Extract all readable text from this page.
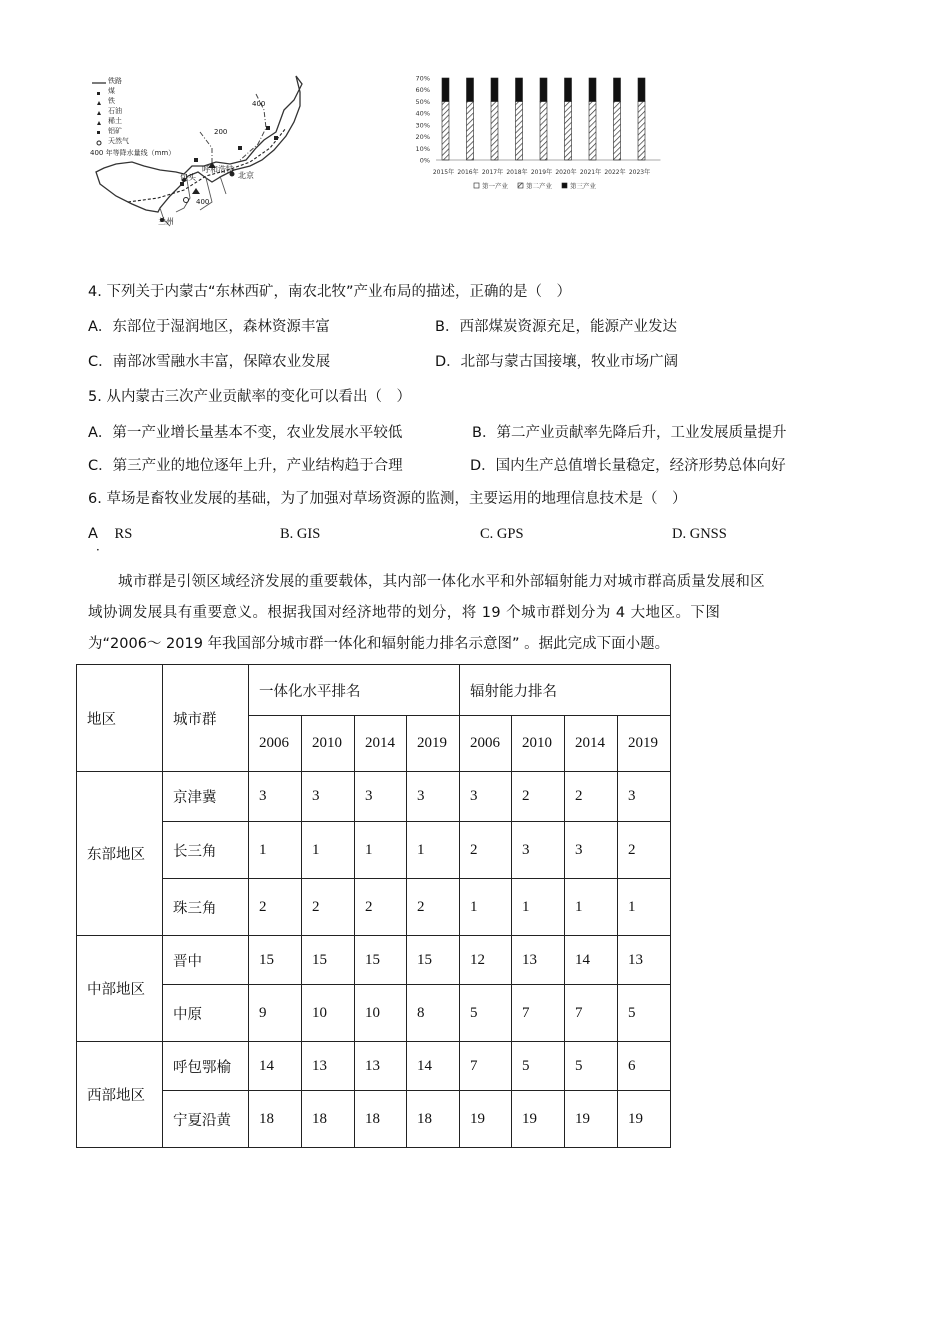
铁路
煤
铁
石油
稀土
铝矿
天然气
400 年等降水量线（mm）
400
200
400
呼和浩特
包头	北京
兰州
70%
60%
50%
40%
30%
20%
10%
0%
2015年 2016年 2017年 2018年 2019年 2020年 2021年 2022年 2023年
第一产业	第二产业	第三产业
4. 下列关于内蒙古“东林西矿，南农北牧”产业布局的描述，正确的是（　）
A．东部位于湿润地区，森林资源丰富	B．西部煤炭资源充足，能源产业发达
C．南部冰雪融水丰富，保障农业发展	D．北部与蒙古国接壤，牧业市场广阔
5. 从内蒙古三次产业贡献率的变化可以看出（　）
A．第一产业增长量基本不变，农业发展水平较低	B．第二产业贡献率先降后升，工业发展质量提升
C．第三产业的地位逐年上升，产业结构趋于合理	D．国内生产总值增长量稳定，经济形势总体向好
6. 草场是畜牧业发展的基础，为了加强对草场资源的监测，主要运用的地理信息技术是（　）
A RS
．
B. GIS	C. GPS	D. GNSS
城市群是引领区域经济发展的重要载体，其内部一体化水平和外部辐射能力对城市群高质量发展和区
域协调发展具有重要意义。根据我国对经济地带的划分，将 19 个城市群划分为 4 大地区。下图
为“2006～ 2019 年我国部分城市群一体化和辐射能力排名示意图” 。据此完成下面小题。
地区	城市群	一体化水平排名				辐射能力排名			
		2006	2010	2014	2019	2006	2010	2014	2019
东部地区	京津冀	3	3	3	3	3	2	2	3
	长三角	1	1	1	1	2	3	3	2
	珠三角	2	2	2	2	1	1	1	1
中部地区	晋中	15	15	15	15	12	13	14	13
	中原	9	10	10	8	5	7	7	5
西部地区	呼包鄂榆	14	13	13	14	7	5	5	6
	宁夏沿黄	18	18	18	18	19	19	19	19
